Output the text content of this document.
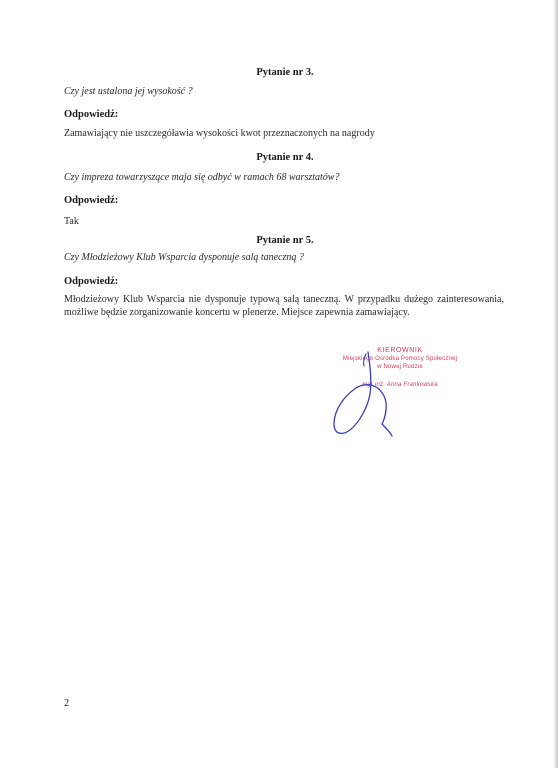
Pytanie nr 3.
Czy jest ustalona jej wysokość ?
Odpowiedź:
Zamawiający nie uszczegóławia wysokości kwot przeznaczonych na nagrody
Pytanie nr 4.
Czy impreza towarzyszące maja się odbyć w ramach 68 warsztatów?
Odpowiedź:
Tak
Pytanie nr 5.
Czy Młodzieżowy Klub Wsparcia dysponuje salą taneczną ?
Odpowiedź:
Młodzieżowy Klub Wsparcia nie dysponuje typową salą taneczną. W przypadku dużego zainteresowania, możliwe będzie zorganizowanie koncertu w plenerze. Miejsce zapewnia zamawiający.
KIEROWNIK
Miejskiego Ośrodka Pomocy Społecznej
w Nowej Rudzie
mgr inż. Anna Frankowska
2
